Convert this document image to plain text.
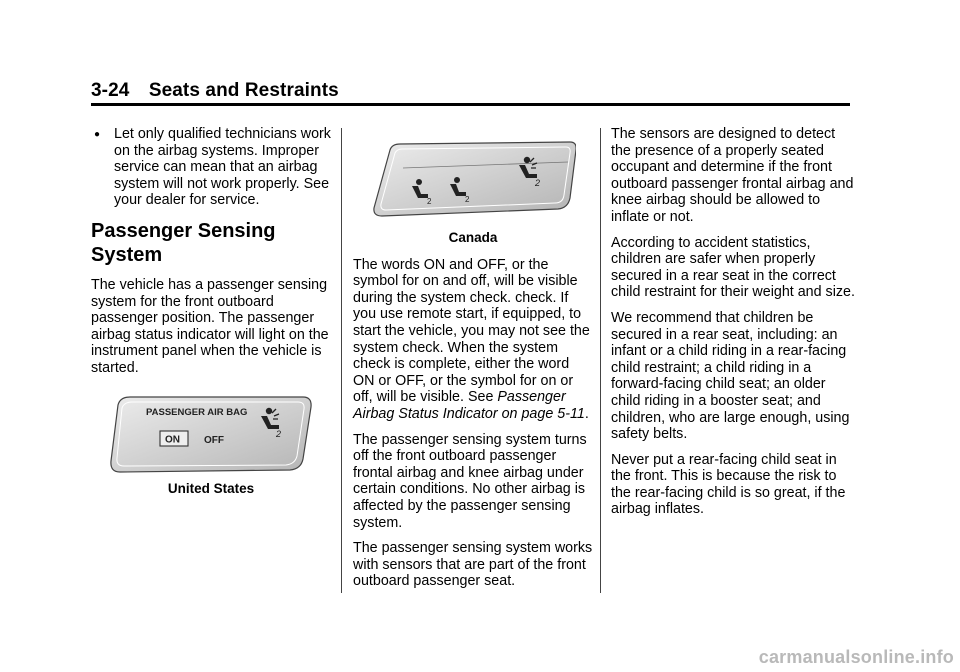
3-24 Seats and Restraints
● Let only qualified technicians work on the airbag systems. Improper service can mean that an airbag system will not work properly. See your dealer for service.
Passenger Sensing System

The vehicle has a passenger sensing system for the front outboard passenger position. The passenger airbag status indicator will light on the instrument panel when the vehicle is started.

PASSENGER AIR BAG
ON OFF
2
United States
2	2
2
Canada

The words ON and OFF, or the symbol for on and off, will be visible during the system check. check. If you use remote start, if equipped, to start the vehicle, you may not see the system check. When the system check is complete, either the word ON or OFF, or the symbol for on or off, will be visible. See Passenger Airbag Status Indicator on page 5-11.

The passenger sensing system turns off the front outboard passenger frontal airbag and knee airbag under certain conditions. No other airbag is affected by the passenger sensing system.

The passenger sensing system works with sensors that are part of the front outboard passenger seat.

The sensors are designed to detect the presence of a properly seated occupant and determine if the front outboard passenger frontal airbag and knee airbag should be allowed to inflate or not.

According to accident statistics, children are safer when properly secured in a rear seat in the correct child restraint for their weight and size.

We recommend that children be secured in a rear seat, including: an infant or a child riding in a rear-facing child restraint; a child riding in a forward-facing child seat; an older child riding in a booster seat; and children, who are large enough, using safety belts.

Never put a rear-facing child seat in the front. This is because the risk to the rear-facing child is so great, if the airbag inflates.

carmanualsonline.info
